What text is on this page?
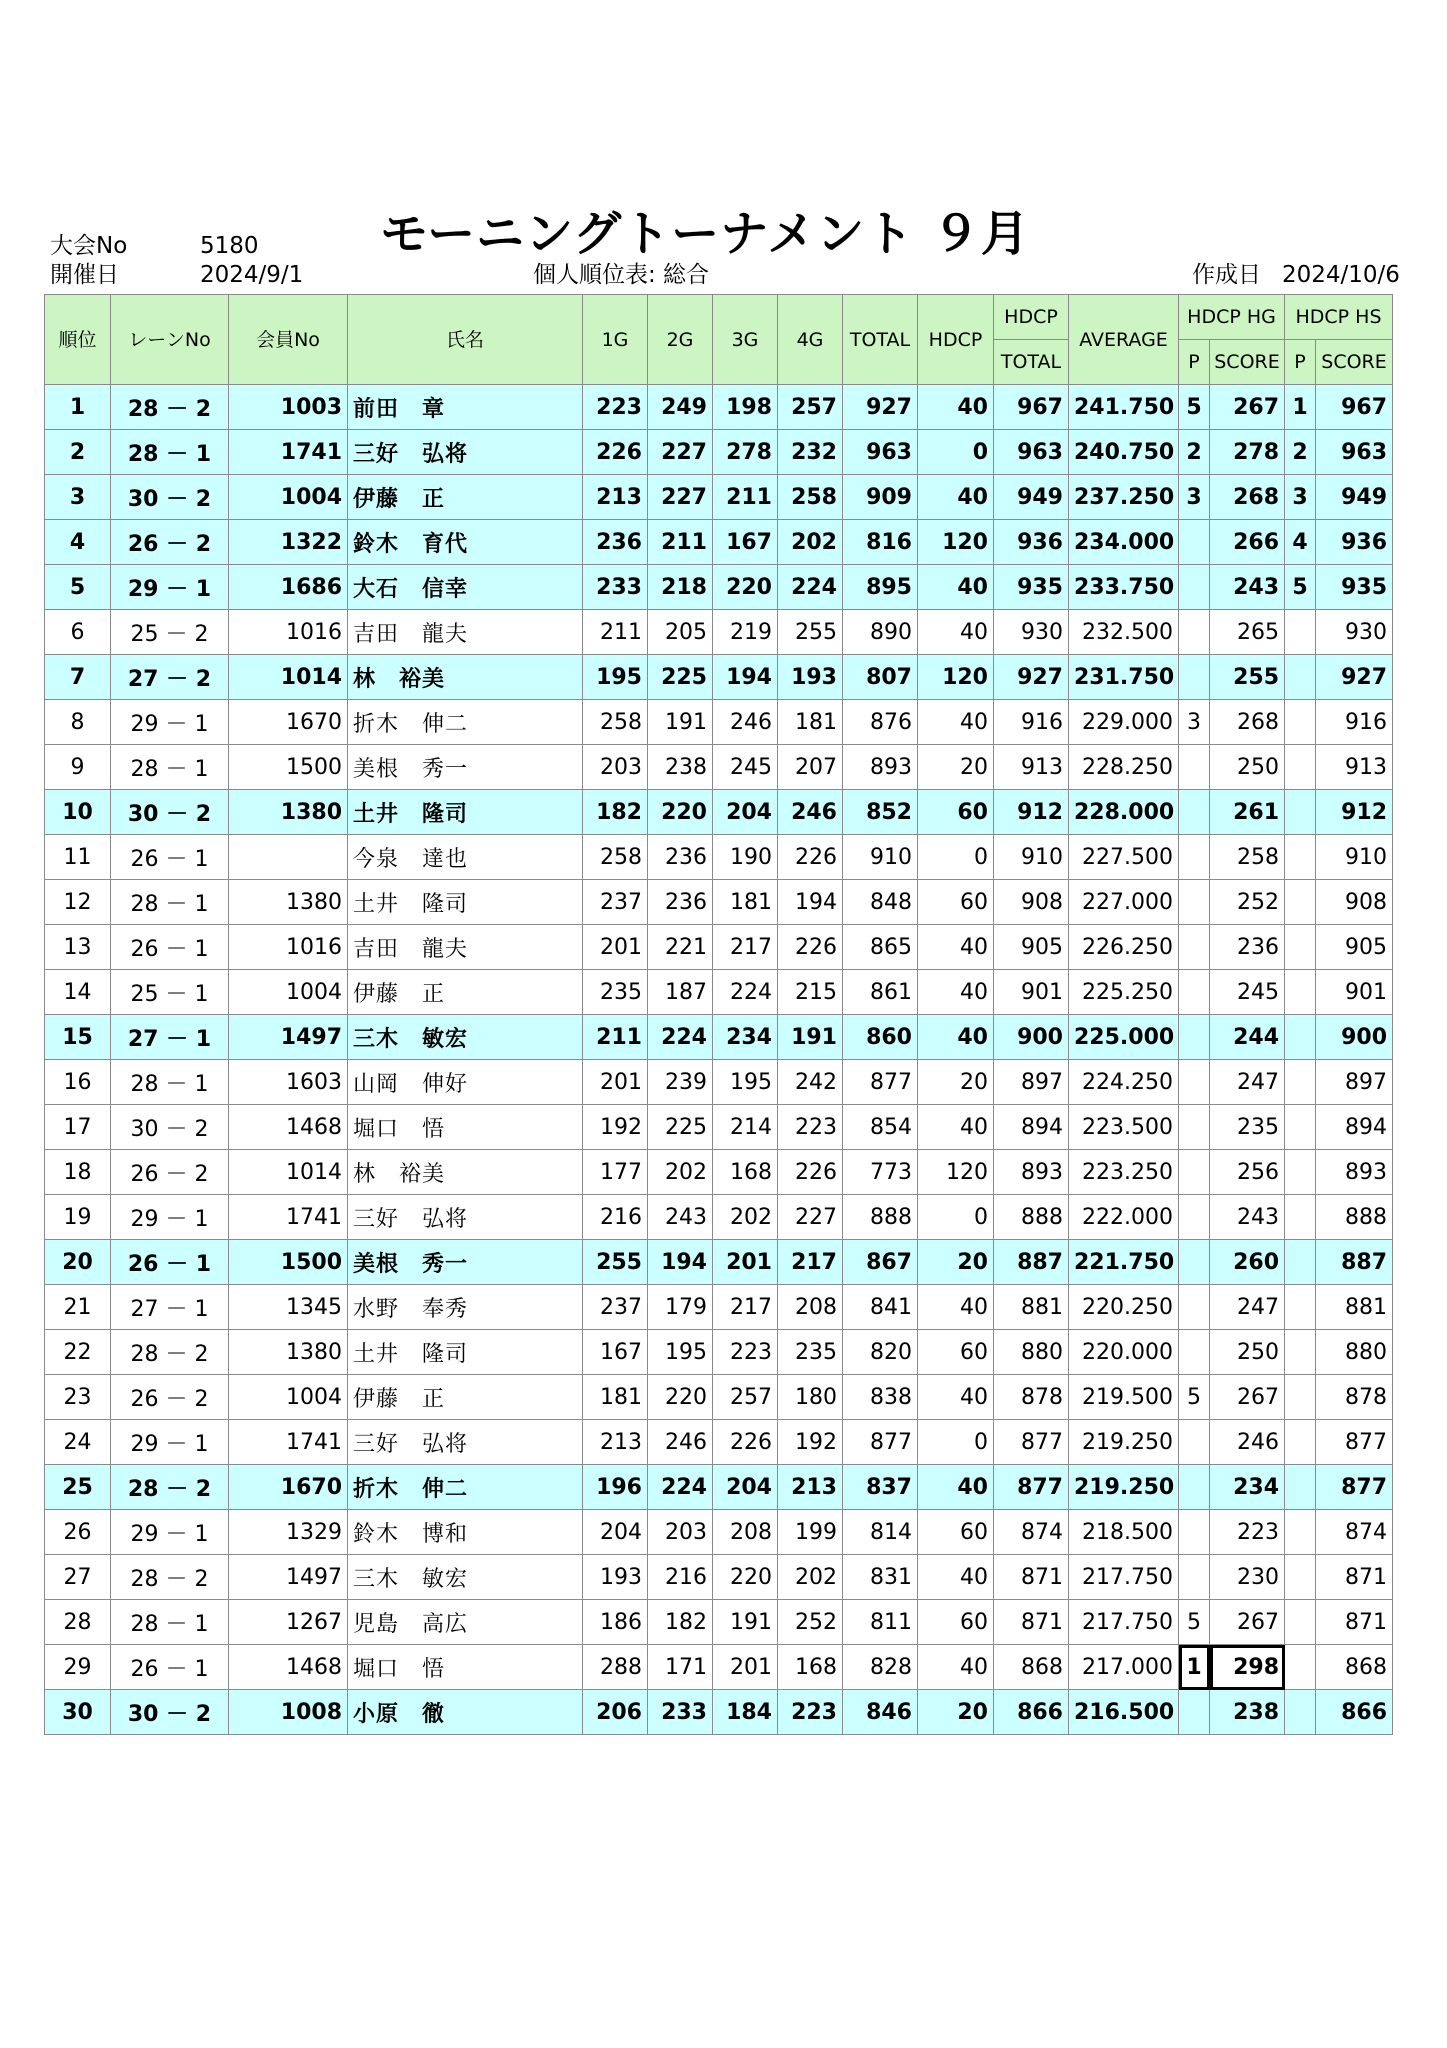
大会No	5180
開催日	2024/9/1
モーニングトーナメント ９月
個人順位表: 総合	作成日 2024/10/6
順位	レーンNo	会員No	氏名	1G	2G	3G	4G	TOTAL	HDCP	HDCP	AVERAGE	HDCP HG		HDCP HS	
										TOTAL		P	SCORE	P	SCORE
1	28 － 2	1003	前田　章	223	249	198	257	927	40	967	241.750	5	267	1	967
2	28 － 1	1741	三好　弘将	226	227	278	232	963	0	963	240.750	2	278	2	963
3	30 － 2	1004	伊藤　正	213	227	211	258	909	40	949	237.250	3	268	3	949
4	26 － 2	1322	鈴木　育代	236	211	167	202	816	120	936	234.000		266	4	936
5	29 － 1	1686	大石　信幸	233	218	220	224	895	40	935	233.750		243	5	935
6	25 － 2	1016	吉田　龍夫	211	205	219	255	890	40	930	232.500		265		930
7	27 － 2	1014	林　裕美	195	225	194	193	807	120	927	231.750		255		927
8	29 － 1	1670	折木　伸二	258	191	246	181	876	40	916	229.000	3	268		916
9	28 － 1	1500	美根　秀一	203	238	245	207	893	20	913	228.250		250		913
10	30 － 2	1380	土井　隆司	182	220	204	246	852	60	912	228.000		261		912
11	26 － 1		今泉　達也	258	236	190	226	910	0	910	227.500		258		910
12	28 － 1	1380	土井　隆司	237	236	181	194	848	60	908	227.000		252		908
13	26 － 1	1016	吉田　龍夫	201	221	217	226	865	40	905	226.250		236		905
14	25 － 1	1004	伊藤　正	235	187	224	215	861	40	901	225.250		245		901
15	27 － 1	1497	三木　敏宏	211	224	234	191	860	40	900	225.000		244		900
16	28 － 1	1603	山岡　伸好	201	239	195	242	877	20	897	224.250		247		897
17	30 － 2	1468	堀口　悟	192	225	214	223	854	40	894	223.500		235		894
18	26 － 2	1014	林　裕美	177	202	168	226	773	120	893	223.250		256		893
19	29 － 1	1741	三好　弘将	216	243	202	227	888	0	888	222.000		243		888
20	26 － 1	1500	美根　秀一	255	194	201	217	867	20	887	221.750		260		887
21	27 － 1	1345	水野　奉秀	237	179	217	208	841	40	881	220.250		247		881
22	28 － 2	1380	土井　隆司	167	195	223	235	820	60	880	220.000		250		880
23	26 － 2	1004	伊藤　正	181	220	257	180	838	40	878	219.500	5	267		878
24	29 － 1	1741	三好　弘将	213	246	226	192	877	0	877	219.250		246		877
25	28 － 2	1670	折木　伸二	196	224	204	213	837	40	877	219.250		234		877
26	29 － 1	1329	鈴木　博和	204	203	208	199	814	60	874	218.500		223		874
27	28 － 2	1497	三木　敏宏	193	216	220	202	831	40	871	217.750		230		871
28	28 － 1	1267	児島　高広	186	182	191	252	811	60	871	217.750	5	267		871
29	26 － 1	1468	堀口　悟	288	171	201	168	828	40	868	217.000	1	298		868
30	30 － 2	1008	小原　徹	206	233	184	223	846	20	866	216.500		238		866
